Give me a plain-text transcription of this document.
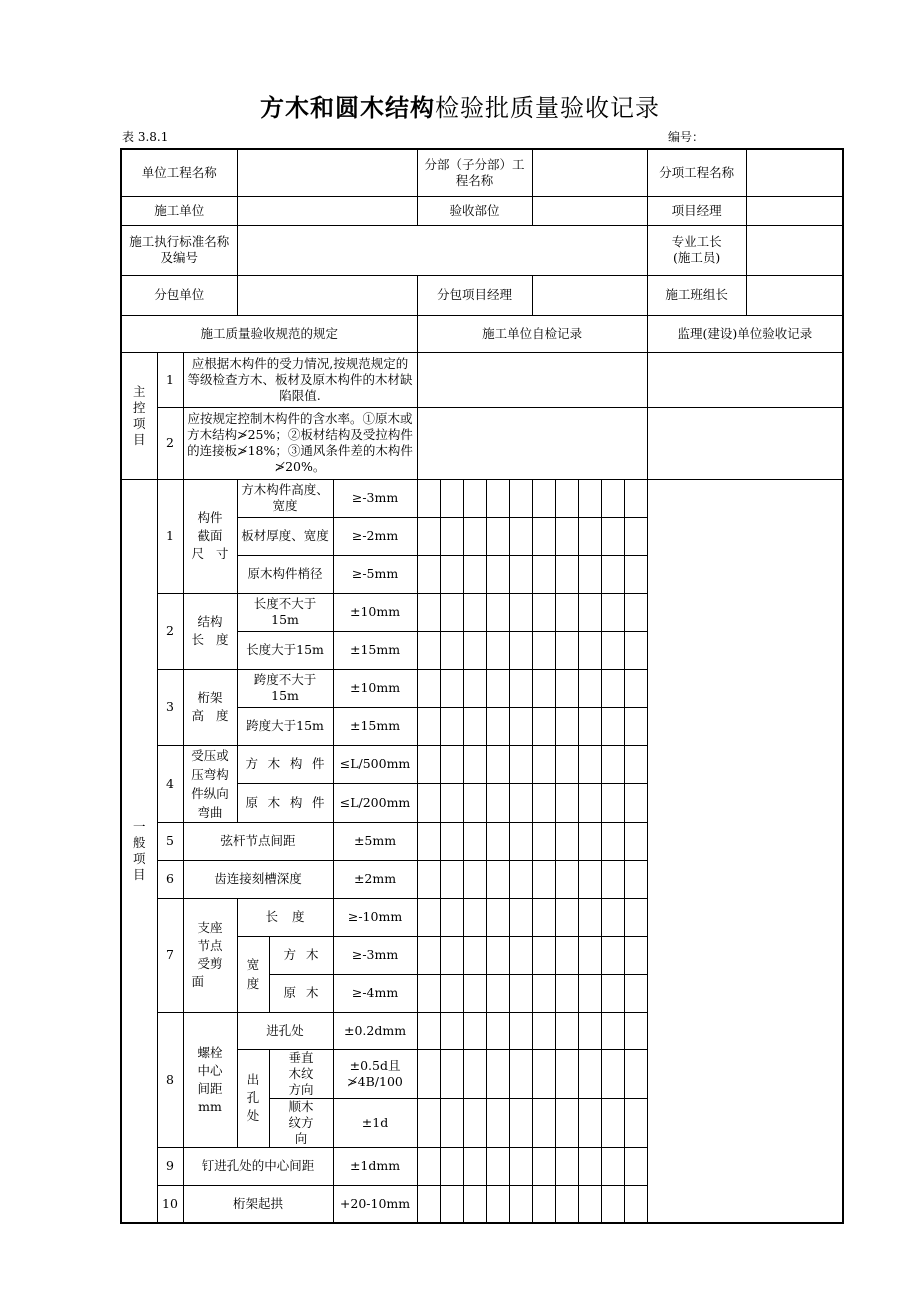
方木和圆木结构检验批质量验收记录
表 3.8.1	编号：
单位工程名称						分部（子分部）工程名称										分项工程名称	
施工单位						验收部位										项目经理	
施工执行标准名称及编号																专业工长
(施工员)	
分包单位						分包项目经理										施工班组长	
施工质量验收规范的规定						施工单位自检记录										监理(建设)单位验收记录	
主控项目	1	应根据木构件的受力情况,按规范规定的等级检查方木、板材及原木构件的木材缺陷限值.															
	2	应按规定控制木构件的含水率。①原木或方木结构≯25%；②板材结构及受拉构件的连接板≯18%；③通风条件差的木构件≯20%。															
一般项目	1	构件截面尺寸	方木构件高度、宽度		≥-3mm												
			板材厚度、宽度		≥-2mm												
			原木构件梢径		≥-5mm												
	2	结构长度	长度不大于15m		±10mm												
			长度大于15m		±15mm												
	3	桁架高度	跨度不大于15m		±10mm												
			跨度大于15m		±15mm												
	4	受压或压弯构件纵向弯曲	方木构件		≤L/500mm												
			原木构件		≤L/200mm												
	5	弦杆节点间距			±5mm												
	6	齿连接刻槽深度			±2mm												
	7	支座节点受剪面	长度		≥-10mm												
			宽度	方木	≥-3mm												
				原木	≥-4mm												
	8	螺栓中心间距mm	进孔处		±0.2dmm												
			出孔处	垂直木纹方向	±0.5d且≯4B/100												
				顺木纹方向	±1d												
	9	钉进孔处的中心间距			±1dmm												
	10	桁架起拱			+20-10mm												
